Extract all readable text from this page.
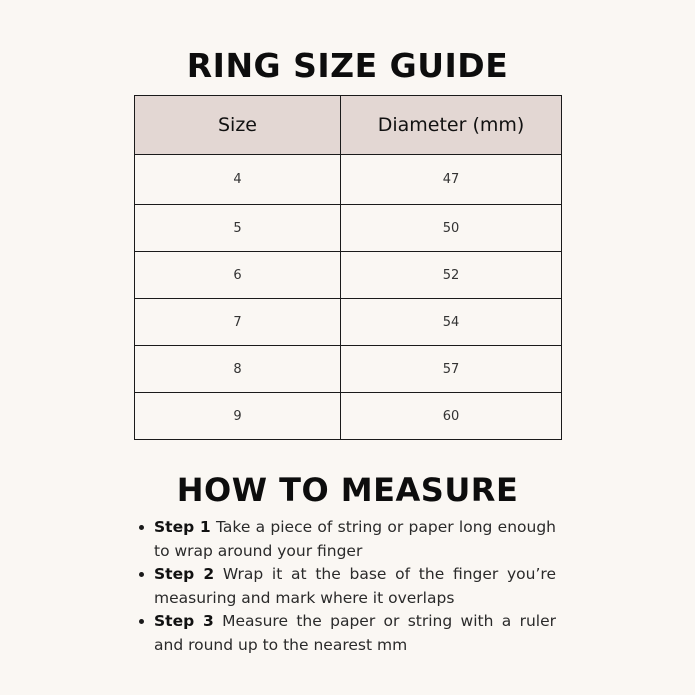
RING SIZE GUIDE
Size	Diameter (mm)
4	47
5	50
6	52
7	54
8	57
9	60
HOW TO MEASURE
Step 1 Take a piece of string or paper long enough to wrap around your finger
Step 2 Wrap it at the base of the finger you’re measuring and mark where it overlaps
Step 3 Measure the paper or string with a ruler and round up to the nearest mm
